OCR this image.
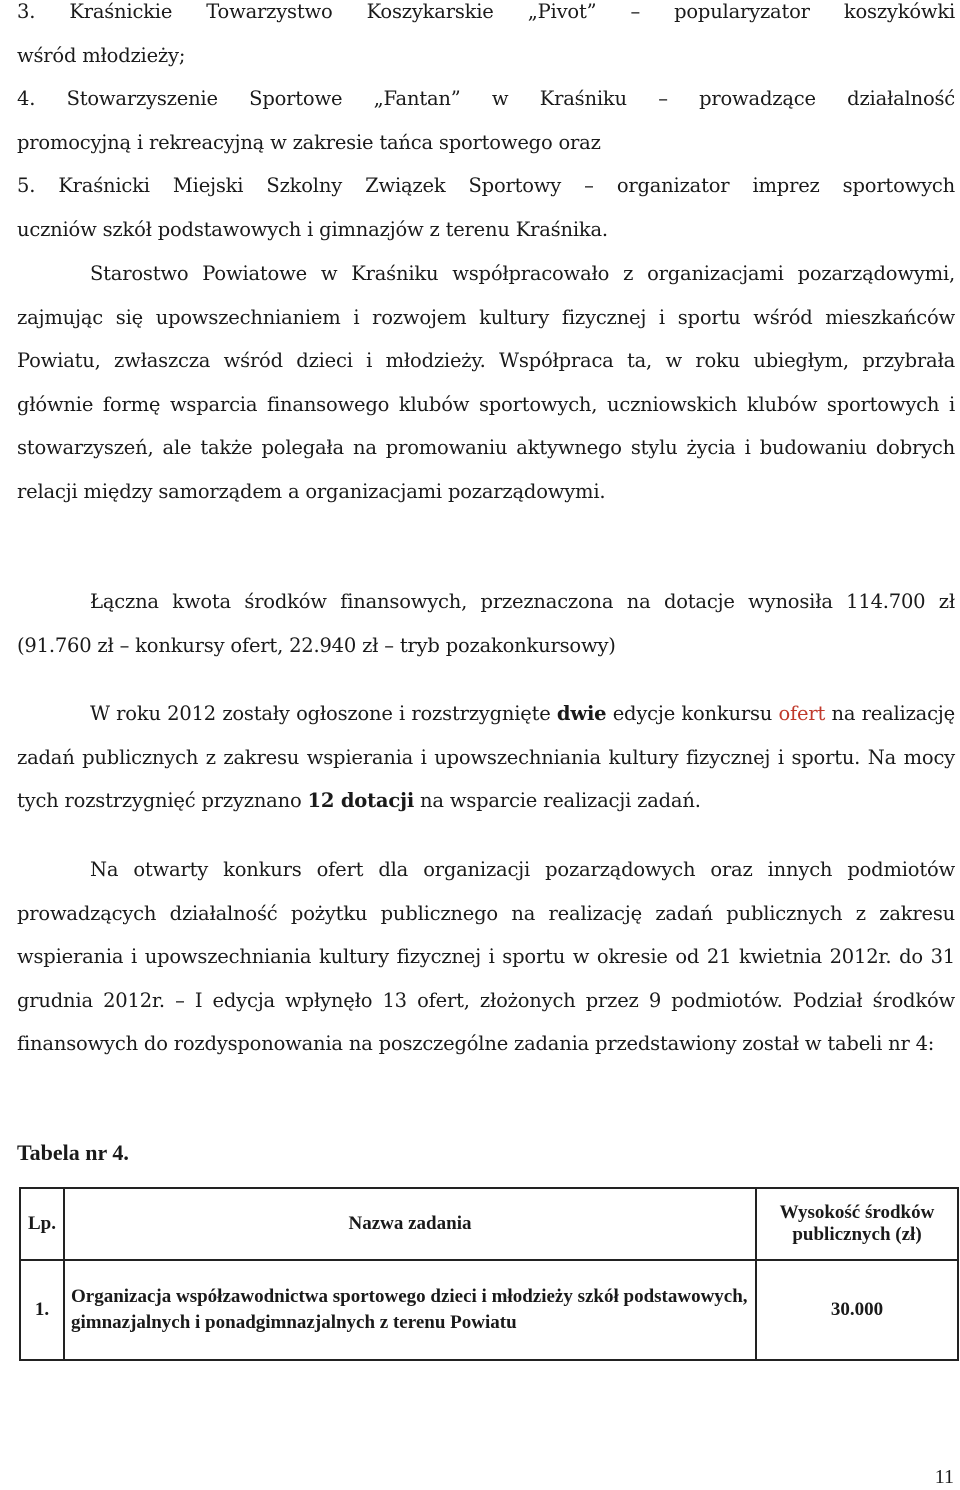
3. Kraśnickie Towarzystwo Koszykarskie „Pivot” – popularyzator koszykówki

wśród młodzieży;

4. Stowarzyszenie Sportowe „Fantan” w Kraśniku – prowadzące działalność

promocyjną i rekreacyjną w zakresie tańca sportowego oraz

5. Kraśnicki Miejski Szkolny Związek Sportowy – organizator imprez sportowych

uczniów szkół podstawowych i gimnazjów z terenu Kraśnika.

Starostwo Powiatowe w Kraśniku współpracowało z organizacjami pozarządowymi, zajmując się upowszechnianiem i rozwojem kultury fizycznej i sportu wśród mieszkańców Powiatu, zwłaszcza wśród dzieci i młodzieży. Współpraca ta, w roku ubiegłym, przybrała głównie formę wsparcia finansowego klubów sportowych, uczniowskich klubów sportowych i stowarzyszeń, ale także polegała na promowaniu aktywnego stylu życia i budowaniu dobrych relacji między samorządem a organizacjami pozarządowymi.

Łączna kwota środków finansowych, przeznaczona na dotacje wynosiła 114.700 zł (91.760 zł – konkursy ofert, 22.940 zł – tryb pozakonkursowy)

W roku 2012 zostały ogłoszone i rozstrzygnięte dwie edycje konkursu ofert na realizację zadań publicznych z zakresu wspierania i upowszechniania kultury fizycznej i sportu. Na mocy tych rozstrzygnięć przyznano 12 dotacji na wsparcie realizacji zadań.

Na otwarty konkurs ofert dla organizacji pozarządowych oraz innych podmiotów prowadzących działalność pożytku publicznego na realizację zadań publicznych z zakresu wspierania i upowszechniania kultury fizycznej i sportu w okresie od 21 kwietnia 2012r. do 31 grudnia 2012r. – I edycja wpłynęło 13 ofert, złożonych przez 9 podmiotów. Podział środków finansowych do rozdysponowania na poszczególne zadania przedstawiony został w tabeli nr 4:

Tabela nr 4.
Lp.	Nazwa zadania	Wysokość środków publicznych (zł)
1.	Organizacja współzawodnictwa sportowego dzieci i młodzieży szkół podstawowych, gimnazjalnych i ponadgimnazjalnych z terenu Powiatu	30.000
11
